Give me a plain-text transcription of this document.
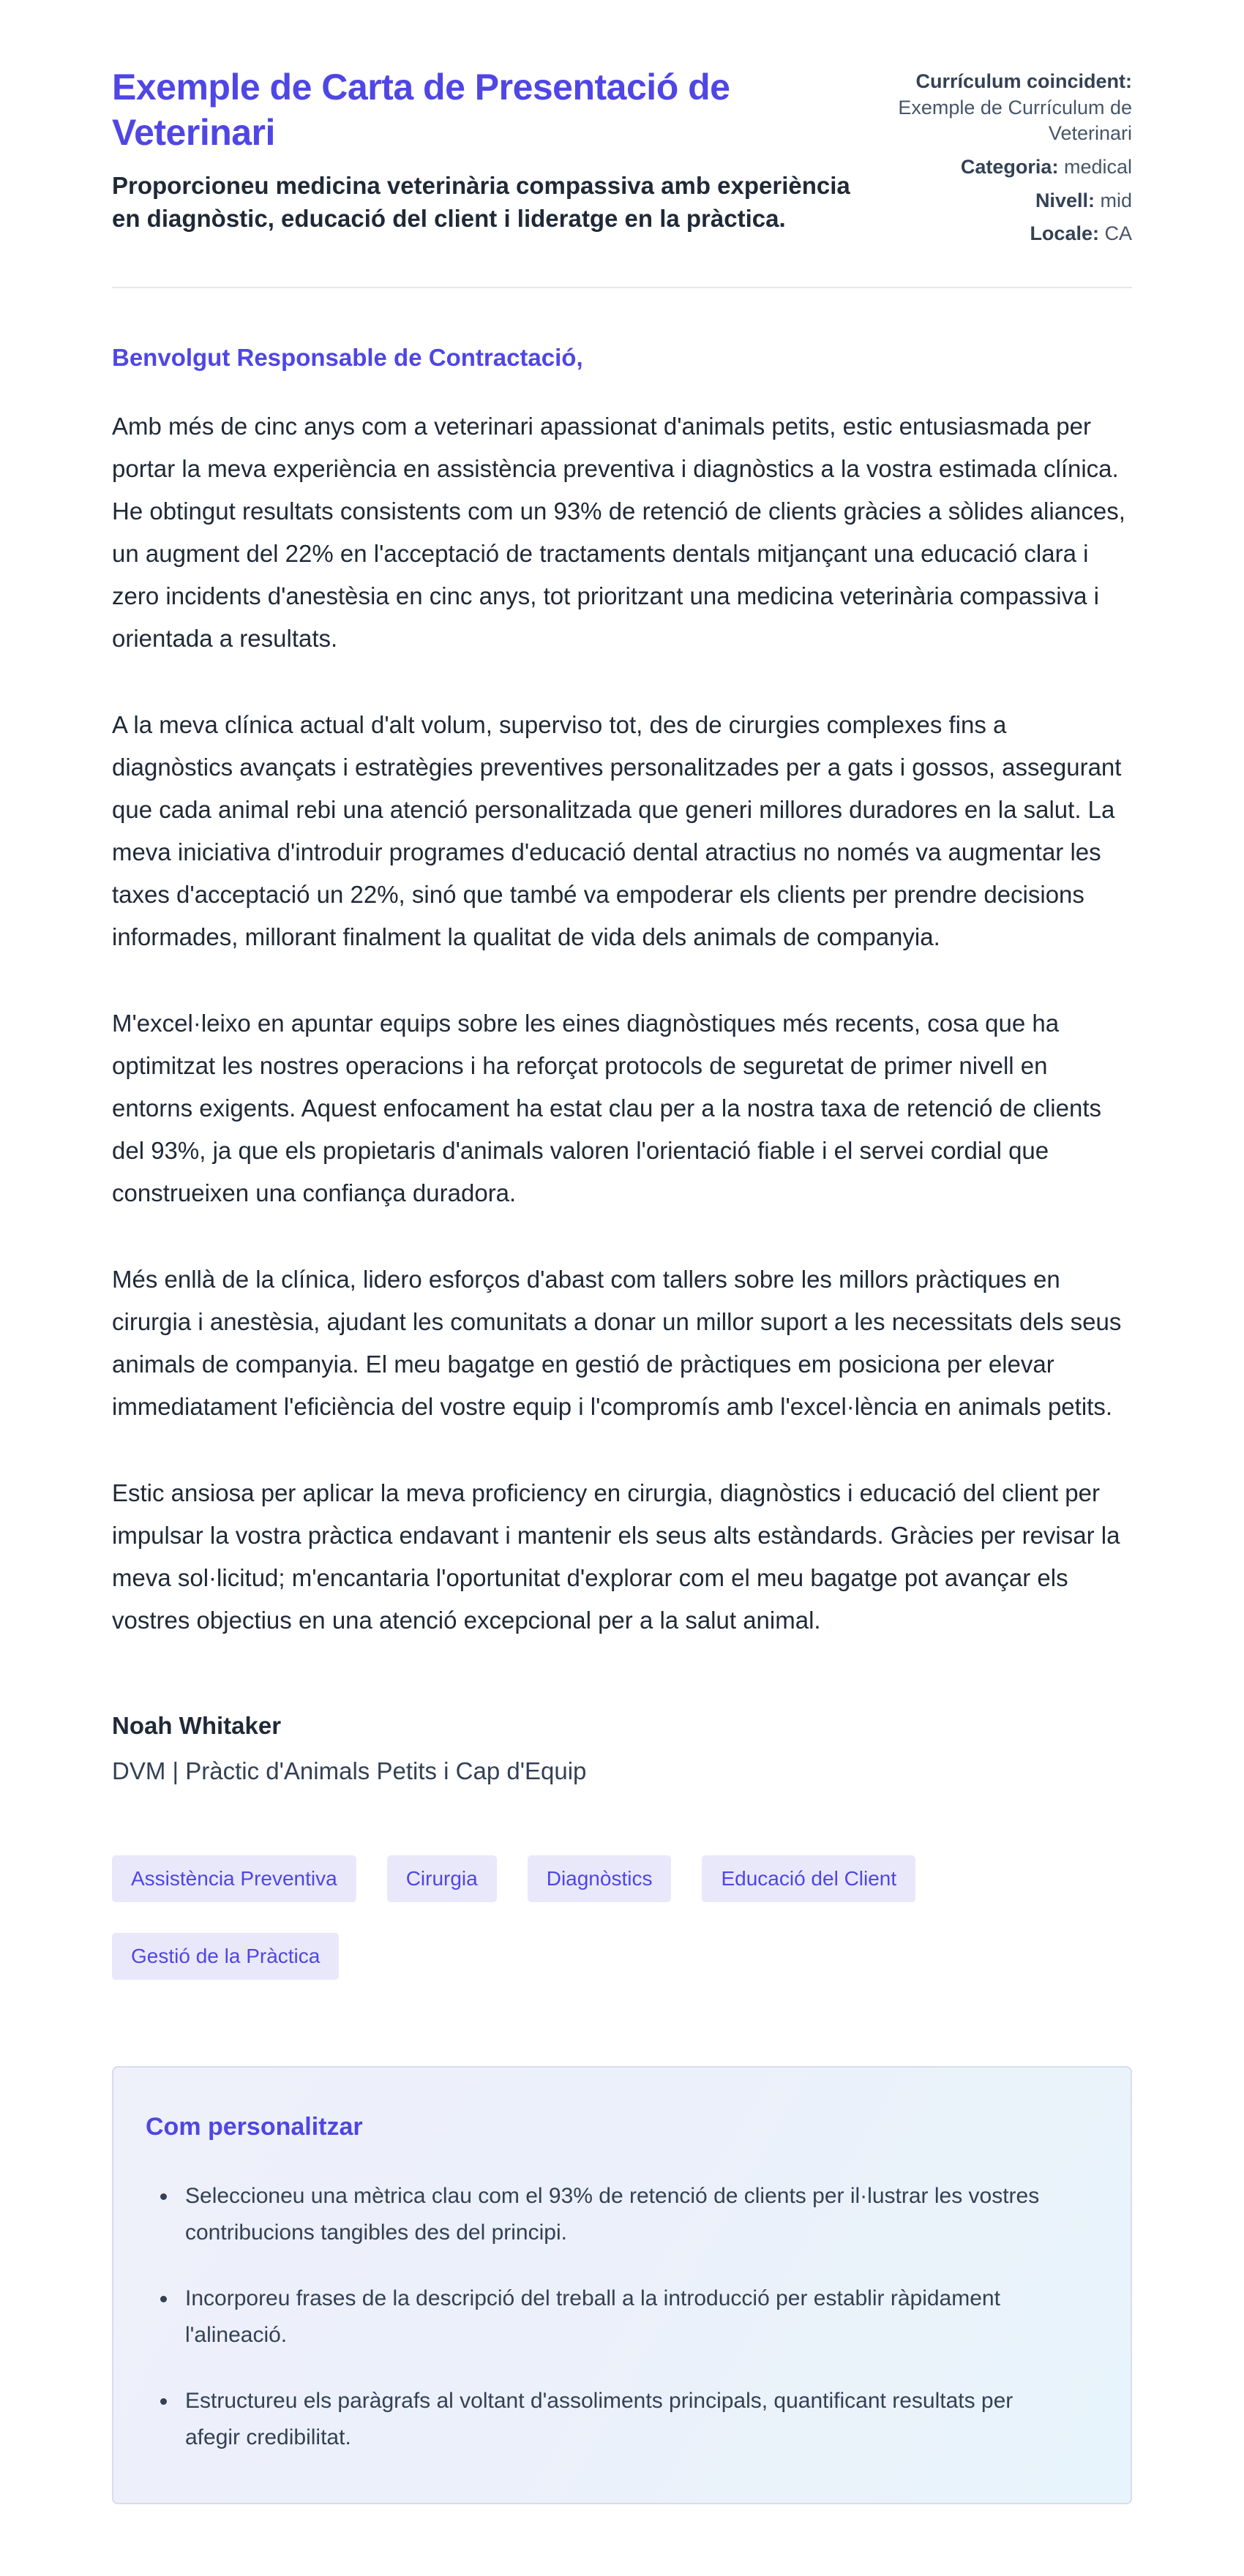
Exemple de Carta de Presentació de Veterinari

Proporcioneu medicina veterinària compassiva amb experiència en diagnòstic, educació del client i lideratge en la pràctica.

Currículum coincident:
Exemple de Currículum de Veterinari
Categoria: medical
Nivell: mid
Locale: CA

Benvolgut Responsable de Contractació,

Amb més de cinc anys com a veterinari apassionat d'animals petits, estic entusiasmada per portar la meva experiència en assistència preventiva i diagnòstics a la vostra estimada clínica. He obtingut resultats consistents com un 93% de retenció de clients gràcies a sòlides aliances, un augment del 22% en l'acceptació de tractaments dentals mitjançant una educació clara i zero incidents d'anestèsia en cinc anys, tot prioritzant una medicina veterinària compassiva i orientada a resultats.

A la meva clínica actual d'alt volum, superviso tot, des de cirurgies complexes fins a diagnòstics avançats i estratègies preventives personalitzades per a gats i gossos, assegurant que cada animal rebi una atenció personalitzada que generi millores duradores en la salut. La meva iniciativa d'introduir programes d'educació dental atractius no només va augmentar les taxes d'acceptació un 22%, sinó que també va empoderar els clients per prendre decisions informades, millorant finalment la qualitat de vida dels animals de companyia.

M'excel·leixo en apuntar equips sobre les eines diagnòstiques més recents, cosa que ha optimitzat les nostres operacions i ha reforçat protocols de seguretat de primer nivell en entorns exigents. Aquest enfocament ha estat clau per a la nostra taxa de retenció de clients del 93%, ja que els propietaris d'animals valoren l'orientació fiable i el servei cordial que construeixen una confiança duradora.

Més enllà de la clínica, lidero esforços d'abast com tallers sobre les millors pràctiques en cirurgia i anestèsia, ajudant les comunitats a donar un millor suport a les necessitats dels seus animals de companyia. El meu bagatge en gestió de pràctiques em posiciona per elevar immediatament l'eficiència del vostre equip i l'compromís amb l'excel·lència en animals petits.

Estic ansiosa per aplicar la meva proficiency en cirurgia, diagnòstics i educació del client per impulsar la vostra pràctica endavant i mantenir els seus alts estàndards. Gràcies per revisar la meva sol·licitud; m'encantaria l'oportunitat d'explorar com el meu bagatge pot avançar els vostres objectius en una atenció excepcional per a la salut animal.

Noah Whitaker

DVM | Pràctic d'Animals Petits i Cap d'Equip

Assistència Preventiva	Cirurgia	Diagnòstics	Educació del Client
Gestió de la Pràctica
Com personalitzar
• Seleccioneu una mètrica clau com el 93% de retenció de clients per il·lustrar les vostres contribucions tangibles des del principi.
• Incorporeu frases de la descripció del treball a la introducció per establir ràpidament l'alineació.
• Estructureu els paràgrafs al voltant d'assoliments principals, quantificant resultats per afegir credibilitat.
